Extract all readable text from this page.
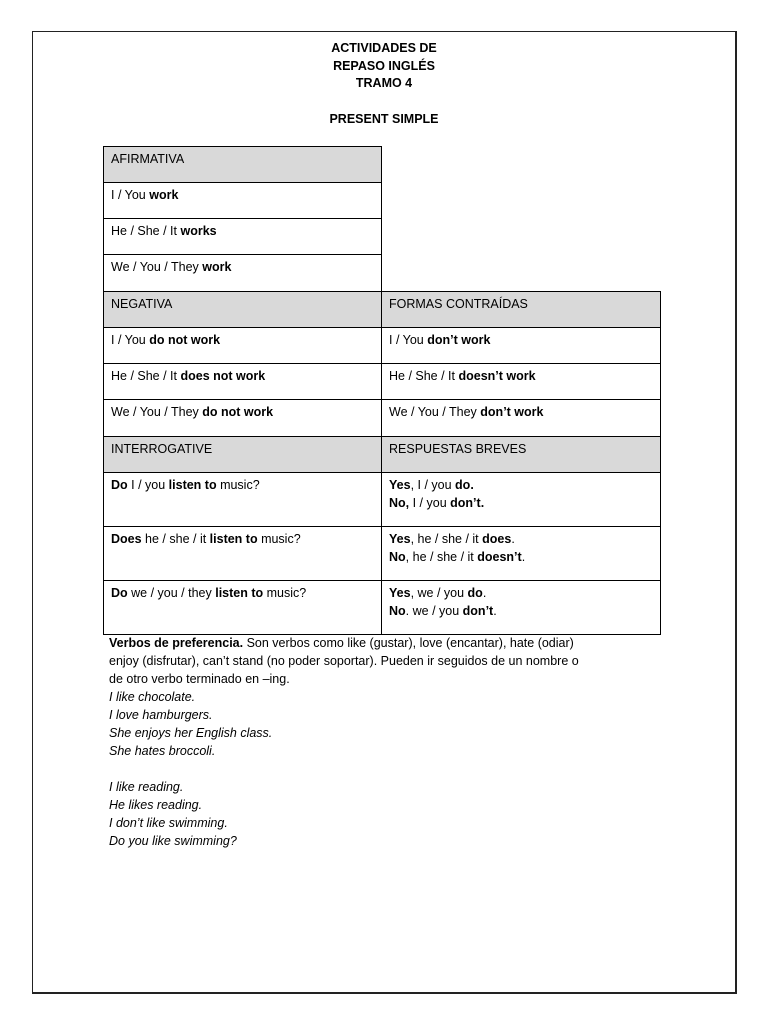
ACTIVIDADES DE
REPASO INGLÉS
TRAMO 4
PRESENT SIMPLE
AFIRMATIVA
I / You work
He / She / It works
We / You / They work
NEGATIVA	FORMAS CONTRAÍDAS
I / You do not work	I / You don’t work
He / She / It does not work	He / She / It doesn’t work
We / You / They do not work	We / You / They don’t work
INTERROGATIVE	RESPUESTAS BREVES
Do I / you listen to music?	Yes, I / you do.
No, I / you don’t.
Does he / she / it listen to music?	Yes, he / she / it does.
No, he / she / it doesn’t.
Do we / you / they listen to music?	Yes, we / you do.
No. we / you don’t.

Verbos de preferencia. Son verbos como like (gustar), love (encantar), hate (odiar)

enjoy (disfrutar), can’t stand (no poder soportar). Pueden ir seguidos de un nombre o

de otro verbo terminado en –ing.

I like chocolate.

I love hamburgers.

She enjoys her English class.

She hates broccoli.

I like reading.

He likes reading.

I don’t like swimming.

Do you like swimming?
